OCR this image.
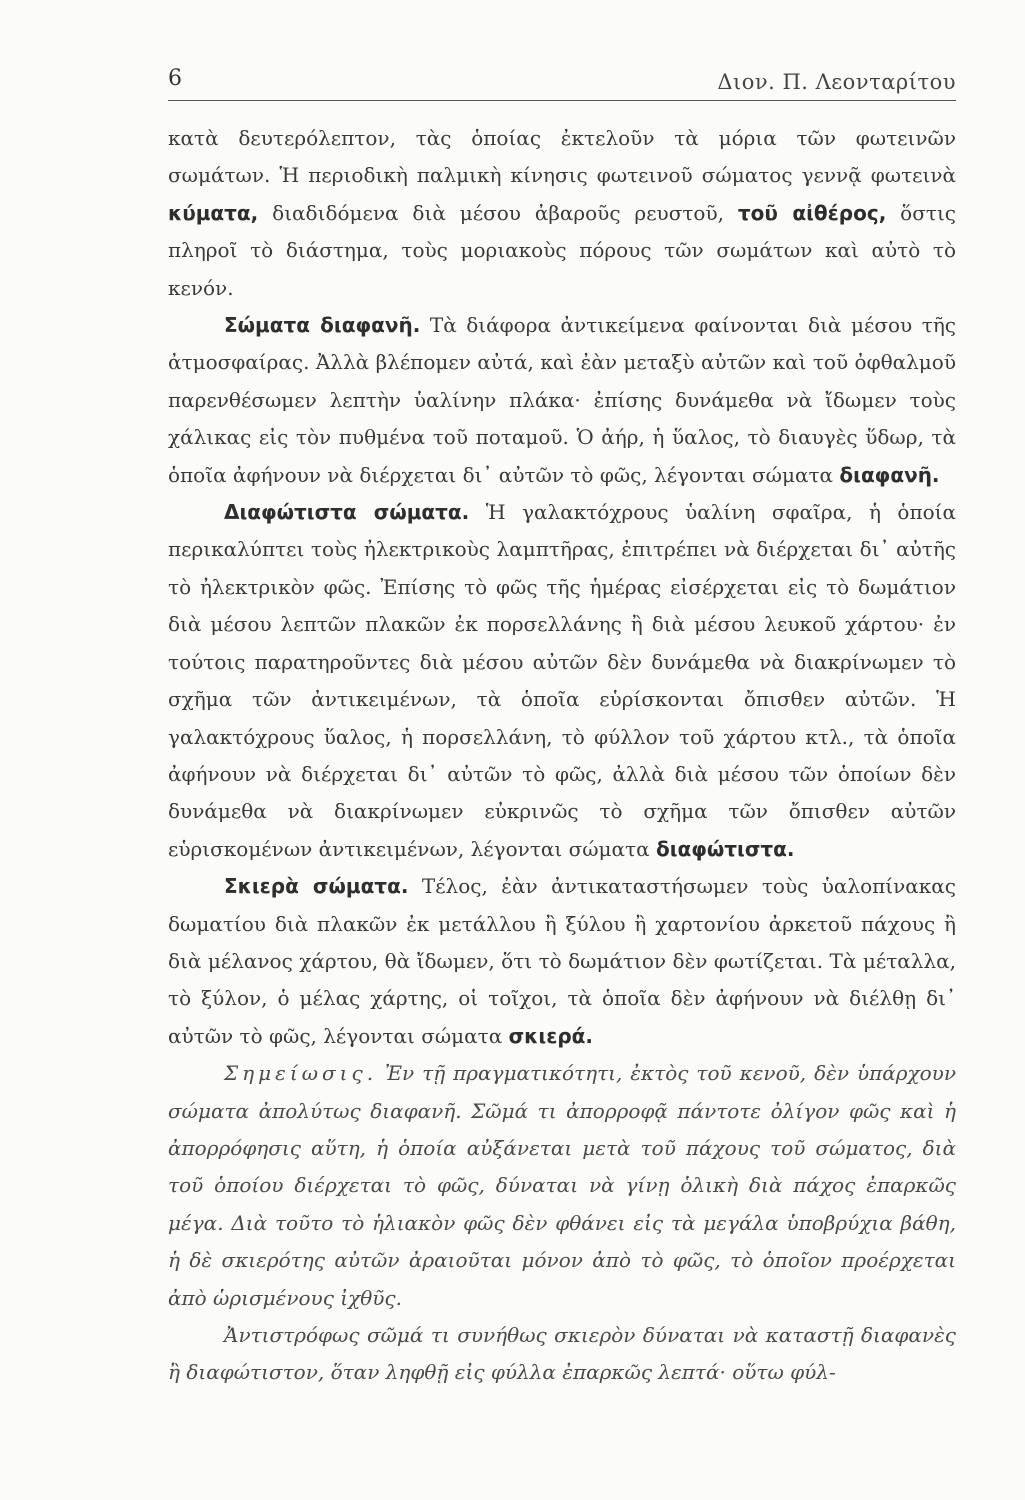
6	Διον. Π. Λεονταρίτου

κατὰ δευτερόλεπτον, τὰς ὁποίας ἐκτελοῦν τὰ μόρια τῶν φωτεινῶν σωμάτων. Ἡ περιοδικὴ παλμικὴ κίνησις φωτεινοῦ σώματος γεννᾷ φωτεινὰ κύματα, διαδιδόμενα διὰ μέσου ἀβαροῦς ρευστοῦ, τοῦ αἰθέρος, ὅστις πληροῖ τὸ διάστημα, τοὺς μοριακοὺς πόρους τῶν σωμάτων καὶ αὐτὸ τὸ κενόν.

Σώματα διαφανῆ. Τὰ διάφορα ἀντικείμενα φαίνονται διὰ μέσου τῆς ἀτμοσφαίρας. Ἀλλὰ βλέπομεν αὐτά, καὶ ἐὰν μεταξὺ αὐτῶν καὶ τοῦ ὀφθαλμοῦ παρενθέσωμεν λεπτὴν ὑαλίνην πλάκα· ἐπίσης δυνάμεθα νὰ ἴδωμεν τοὺς χάλικας εἰς τὸν πυθμένα τοῦ ποταμοῦ. Ὁ ἀήρ, ἡ ὕαλος, τὸ διαυγὲς ὕδωρ, τὰ ὁποῖα ἀφήνουν νὰ διέρχεται δι᾽ αὐτῶν τὸ φῶς, λέγονται σώματα διαφανῆ.

Διαφώτιστα σώματα. Ἡ γαλακτόχρους ὑαλίνη σφαῖρα, ἡ ὁποία περικαλύπτει τοὺς ἠλεκτρικοὺς λαμπτῆρας, ἐπιτρέπει νὰ διέρχεται δι᾽ αὐτῆς τὸ ἠλεκτρικὸν φῶς. Ἐπίσης τὸ φῶς τῆς ἡμέρας εἰσέρχεται εἰς τὸ δωμάτιον διὰ μέσου λεπτῶν πλακῶν ἐκ πορσελλάνης ἢ διὰ μέσου λευκοῦ χάρτου· ἐν τούτοις παρατηροῦντες διὰ μέσου αὐτῶν δὲν δυνάμεθα νὰ διακρίνωμεν τὸ σχῆμα τῶν ἀντικειμένων, τὰ ὁποῖα εὑρίσκονται ὄπισθεν αὐτῶν. Ἡ γαλακτόχρους ὕαλος, ἡ πορσελλάνη, τὸ φύλλον τοῦ χάρτου κτλ., τὰ ὁποῖα ἀφήνουν νὰ διέρχεται δι᾽ αὐτῶν τὸ φῶς, ἀλλὰ διὰ μέσου τῶν ὁποίων δὲν δυνάμεθα νὰ διακρίνωμεν εὐκρινῶς τὸ σχῆμα τῶν ὄπισθεν αὐτῶν εὑρισκομένων ἀντικειμένων, λέγονται σώματα διαφώτιστα.

Σκιερὰ σώματα. Τέλος, ἐὰν ἀντικαταστήσωμεν τοὺς ὑαλοπίνακας δωματίου διὰ πλακῶν ἐκ μετάλλου ἢ ξύλου ἢ χαρτονίου ἀρκετοῦ πάχους ἢ διὰ μέλανος χάρτου, θὰ ἴδωμεν, ὅτι τὸ δωμάτιον δὲν φωτίζεται. Τὰ μέταλλα, τὸ ξύλον, ὁ μέλας χάρτης, οἱ τοῖχοι, τὰ ὁποῖα δὲν ἀφήνουν νὰ διέλθῃ δι᾽ αὐτῶν τὸ φῶς, λέγονται σώματα σκιερά.

Σημείωσις. Ἐν τῇ πραγματικότητι, ἐκτὸς τοῦ κενοῦ, δὲν ὑπάρχουν σώματα ἀπολύτως διαφανῆ. Σῶμά τι ἀπορροφᾷ πάντοτε ὀλίγον φῶς καὶ ἡ ἀπορρόφησις αὕτη, ἡ ὁποία αὐξάνεται μετὰ τοῦ πάχους τοῦ σώματος, διὰ τοῦ ὁποίου διέρχεται τὸ φῶς, δύναται νὰ γίνῃ ὁλικὴ διὰ πάχος ἐπαρκῶς μέγα. Διὰ τοῦτο τὸ ἡλιακὸν φῶς δὲν φθάνει εἰς τὰ μεγάλα ὑποβρύχια βάθη, ἡ δὲ σκιερότης αὐτῶν ἀραιοῦται μόνον ἀπὸ τὸ φῶς, τὸ ὁποῖον προέρχεται ἀπὸ ὡρισμένους ἰχθῦς.

Ἀντιστρόφως σῶμά τι συνήθως σκιερὸν δύναται νὰ καταστῇ διαφανὲς ἢ διαφώτιστον, ὅταν ληφθῇ εἰς φύλλα ἐπαρκῶς λεπτά· οὕτω φύλ-
